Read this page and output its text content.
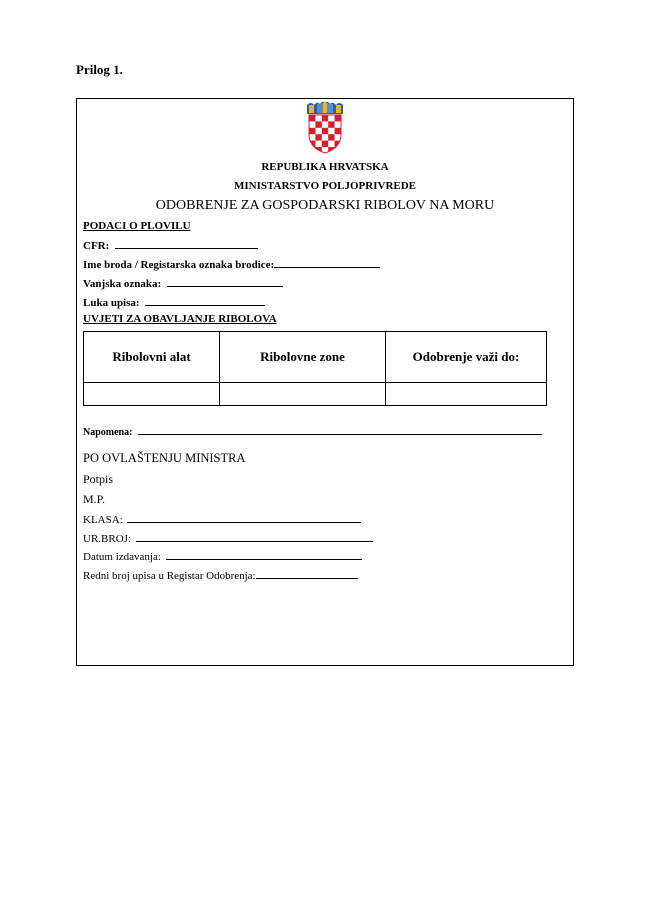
Prilog 1.
REPUBLIKA HRVATSKA
MINISTARSTVO POLJOPRIVREDE
ODOBRENJE ZA GOSPODARSKI RIBOLOV NA MORU
PODACI O PLOVILU
CFR:
Ime broda / Registarska oznaka brodice:
Vanjska oznaka:
Luka upisa:
UVJETI ZA OBAVLJANJE RIBOLOVA
Ribolovni alat	Ribolovne zone	Odobrenje važi do:

Napomena:
PO OVLAŠTENJU MINISTRA
Potpis
M.P.
KLASA:
UR.BROJ:
Datum izdavanja:
Redni broj upisa u Registar Odobrenja:
